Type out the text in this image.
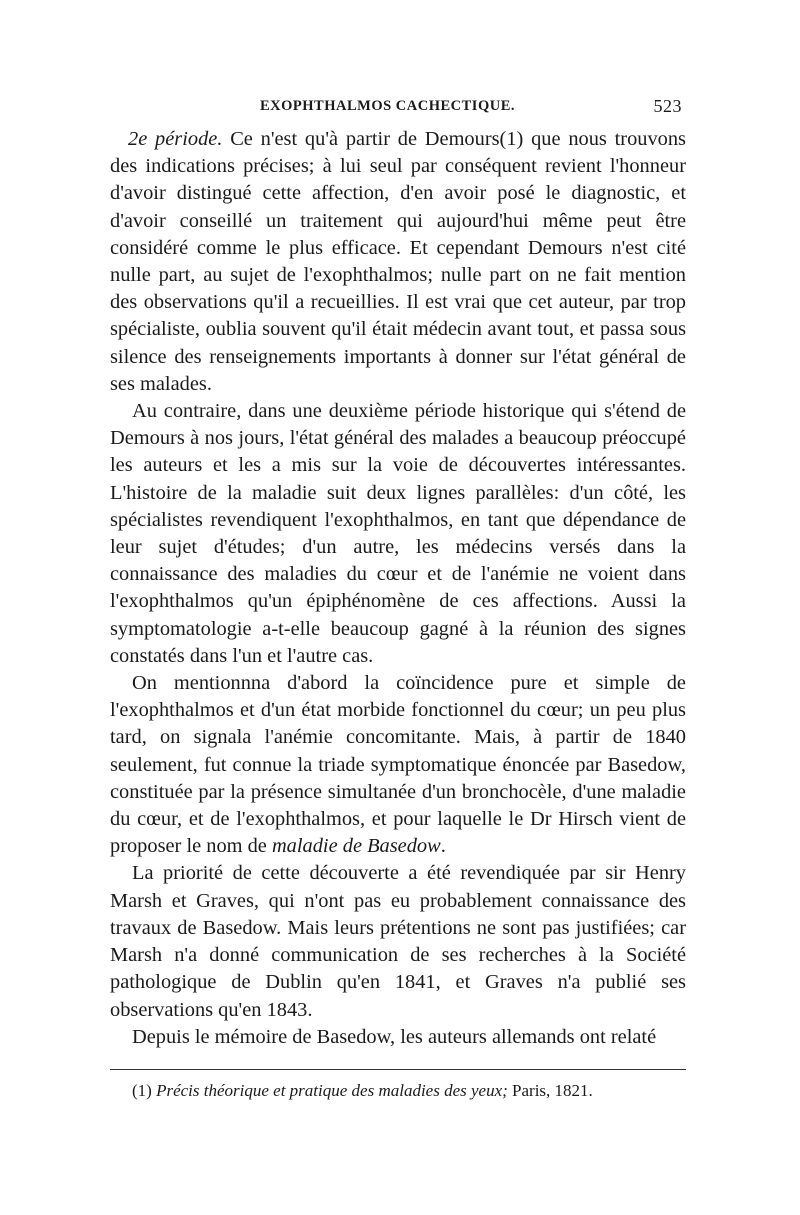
EXOPHTHALMOS CACHECTIQUE.	523

2e période. Ce n'est qu'à partir de Demours(1) que nous trouvons des indications précises; à lui seul par conséquent revient l'honneur d'avoir distingué cette affection, d'en avoir posé le diagnostic, et d'avoir conseillé un traitement qui aujourd'hui même peut être considéré comme le plus efficace. Et cependant Demours n'est cité nulle part, au sujet de l'exophthalmos; nulle part on ne fait mention des observations qu'il a recueillies. Il est vrai que cet auteur, par trop spécialiste, oublia souvent qu'il était médecin avant tout, et passa sous silence des renseignements importants à donner sur l'état général de ses malades.

Au contraire, dans une deuxième période historique qui s'étend de Demours à nos jours, l'état général des malades a beaucoup préoccupé les auteurs et les a mis sur la voie de découvertes intéressantes. L'histoire de la maladie suit deux lignes parallèles: d'un côté, les spécialistes revendiquent l'exophthalmos, en tant que dépendance de leur sujet d'études; d'un autre, les médecins versés dans la connaissance des maladies du cœur et de l'anémie ne voient dans l'exophthalmos qu'un épiphénomène de ces affections. Aussi la symptomatologie a-t-elle beaucoup gagné à la réunion des signes constatés dans l'un et l'autre cas.

On mentionnna d'abord la coïncidence pure et simple de l'exophthalmos et d'un état morbide fonctionnel du cœur; un peu plus tard, on signala l'anémie concomitante. Mais, à partir de 1840 seulement, fut connue la triade symptomatique énoncée par Basedow, constituée par la présence simultanée d'un bronchocèle, d'une maladie du cœur, et de l'exophthalmos, et pour laquelle le Dr Hirsch vient de proposer le nom de maladie de Basedow.

La priorité de cette découverte a été revendiquée par sir Henry Marsh et Graves, qui n'ont pas eu probablement connaissance des travaux de Basedow. Mais leurs prétentions ne sont pas justifiées; car Marsh n'a donné communication de ses recherches à la Société pathologique de Dublin qu'en 1841, et Graves n'a publié ses observations qu'en 1843.

Depuis le mémoire de Basedow, les auteurs allemands ont relaté

(1) Précis théorique et pratique des maladies des yeux; Paris, 1821.
